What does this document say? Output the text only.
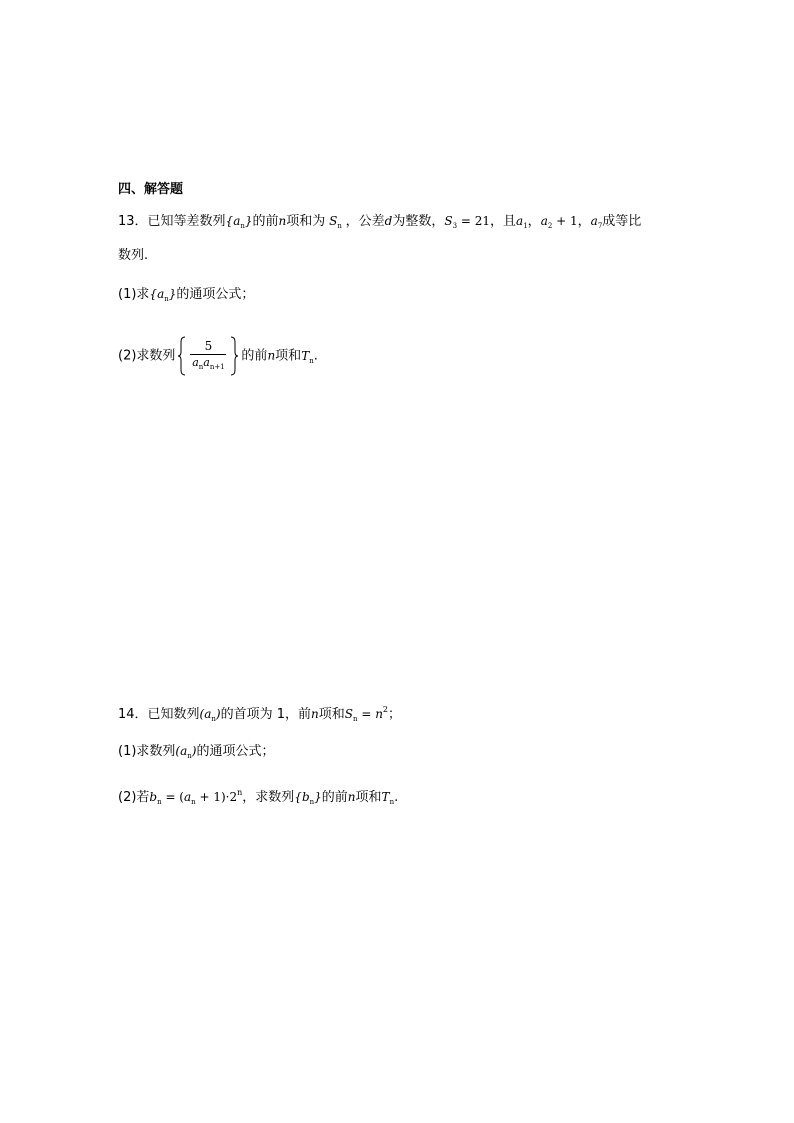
四、解答题
13．已知等差数列$\{a_n\}$的前n项和为 $S_n$ ，公差d为整数，$S_3 = 21$，且$a_1$，$a_2 + 1$，$a_7$成等比
数列.
(1)求$\{a_n\}$的通项公式；
(2)求数列
5
$a_na_{n+1}$
的前n项和$T_n$.
14．已知数列$(a_n)$的首项为 1，前n项和$S_n = n^2$；
(1)求数列$(a_n)$的通项公式；
(2)若$b_n = (a_n + 1)\cdot 2^n$，求数列$\{b_n\}$的前n项和$T_n$.
